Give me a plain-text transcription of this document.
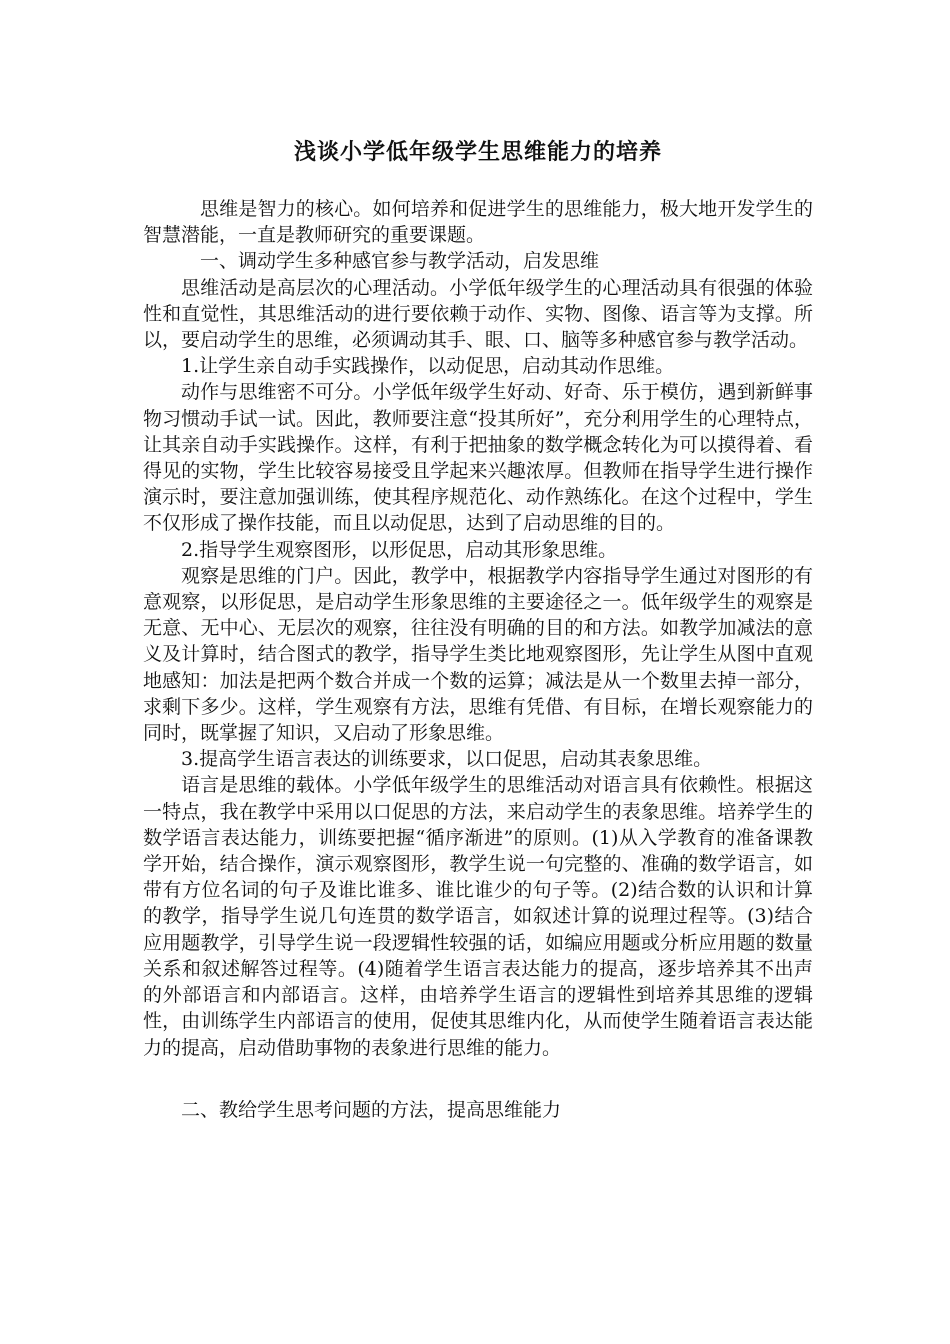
浅谈小学低年级学生思维能力的培养

思维是智力的核心。如何培养和促进学生的思维能力，极大地开发学生的智慧潜能，一直是教师研究的重要课题。

一、调动学生多种感官参与教学活动，启发思维

思维活动是高层次的心理活动。小学低年级学生的心理活动具有很强的体验性和直觉性，其思维活动的进行要依赖于动作、实物、图像、语言等为支撑。所以，要启动学生的思维，必须调动其手、眼、口、脑等多种感官参与教学活动。

1.让学生亲自动手实践操作，以动促思，启动其动作思维。

动作与思维密不可分。小学低年级学生好动、好奇、乐于模仿，遇到新鲜事物习惯动手试一试。因此，教师要注意“投其所好”，充分利用学生的心理特点，让其亲自动手实践操作。这样，有利于把抽象的数学概念转化为可以摸得着、看得见的实物，学生比较容易接受且学起来兴趣浓厚。但教师在指导学生进行操作演示时，要注意加强训练，使其程序规范化、动作熟练化。在这个过程中，学生不仅形成了操作技能，而且以动促思，达到了启动思维的目的。

2.指导学生观察图形，以形促思，启动其形象思维。

观察是思维的门户。因此，教学中，根据教学内容指导学生通过对图形的有意观察，以形促思，是启动学生形象思维的主要途径之一。低年级学生的观察是无意、无中心、无层次的观察，往往没有明确的目的和方法。如教学加减法的意义及计算时，结合图式的教学，指导学生类比地观察图形，先让学生从图中直观地感知：加法是把两个数合并成一个数的运算；减法是从一个数里去掉一部分，求剩下多少。这样，学生观察有方法，思维有凭借、有目标，在增长观察能力的同时，既掌握了知识，又启动了形象思维。

3.提高学生语言表达的训练要求，以口促思，启动其表象思维。

语言是思维的载体。小学低年级学生的思维活动对语言具有依赖性。根据这一特点，我在教学中采用以口促思的方法，来启动学生的表象思维。培养学生的数学语言表达能力，训练要把握“循序渐进”的原则。(1)从入学教育的准备课教学开始，结合操作，演示观察图形，教学生说一句完整的、准确的数学语言，如带有方位名词的句子及谁比谁多、谁比谁少的句子等。(2)结合数的认识和计算的教学，指导学生说几句连贯的数学语言，如叙述计算的说理过程等。(3)结合应用题教学，引导学生说一段逻辑性较强的话，如编应用题或分析应用题的数量关系和叙述解答过程等。(4)随着学生语言表达能力的提高，逐步培养其不出声的外部语言和内部语言。这样，由培养学生语言的逻辑性到培养其思维的逻辑性，由训练学生内部语言的使用，促使其思维内化，从而使学生随着语言表达能力的提高，启动借助事物的表象进行思维的能力。

二、教给学生思考问题的方法，提高思维能力
